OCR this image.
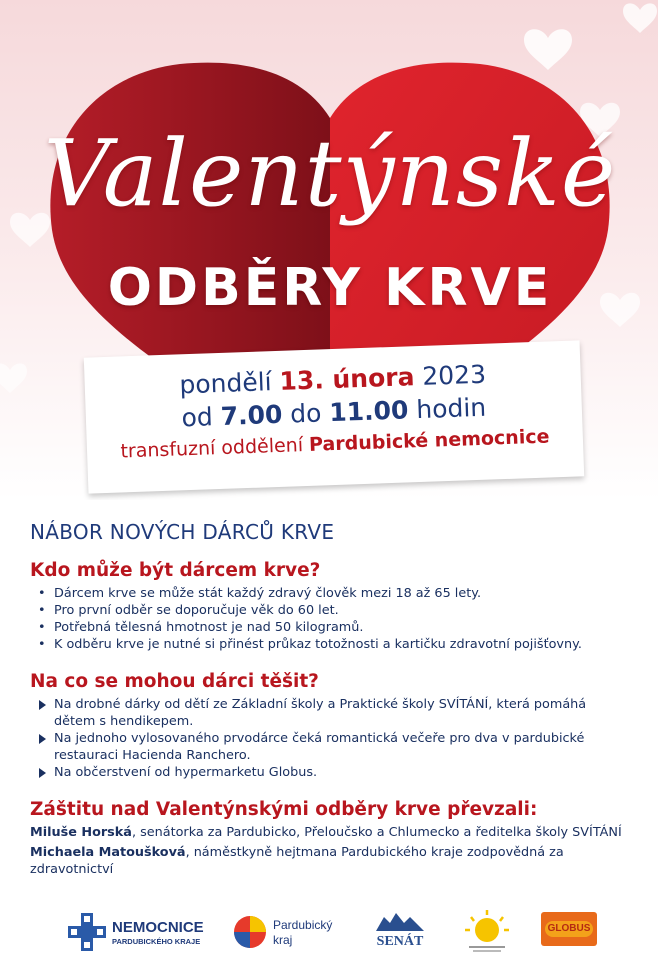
Valentýnské
ODBĚRY KRVE
pondělí 13. února 2023
od 7.00 do 11.00 hodin
transfuzní oddělení Pardubické nemocnice
NÁBOR NOVÝCH DÁRCŮ KRVE
Kdo může být dárcem krve?
• Dárcem krve se může stát každý zdravý člověk mezi 18 až 65 lety.
• Pro první odběr se doporučuje věk do 60 let.
• Potřebná tělesná hmotnost je nad 50 kilogramů.
• K odběru krve je nutné si přinést průkaz totožnosti a kartičku zdravotní pojišťovny.
Na co se mohou dárci těšit?
Na drobné dárky od dětí ze Základní školy a Praktické školy SVÍTÁNÍ, která pomáhá dětem s hendikepem.
Na jednoho vylosovaného prvodárce čeká romantická večeře pro dva v pardubické restauraci Hacienda Ranchero.
Na občerstvení od hypermarketu Globus.
Záštitu nad Valentýnskými odběry krve převzali:

Miluše Horská, senátorka za Pardubicko, Přeloučsko a Chlumecko a ředitelka školy SVÍTÁNÍ

Michaela Matoušková, náměstkyně hejtmana Pardubického kraje zodpovědná za zdravotnictví

NEMOCNICE
PARDUBICKÉHO KRAJE
Pardubický
kraj	SENÁT
GLOBUS
